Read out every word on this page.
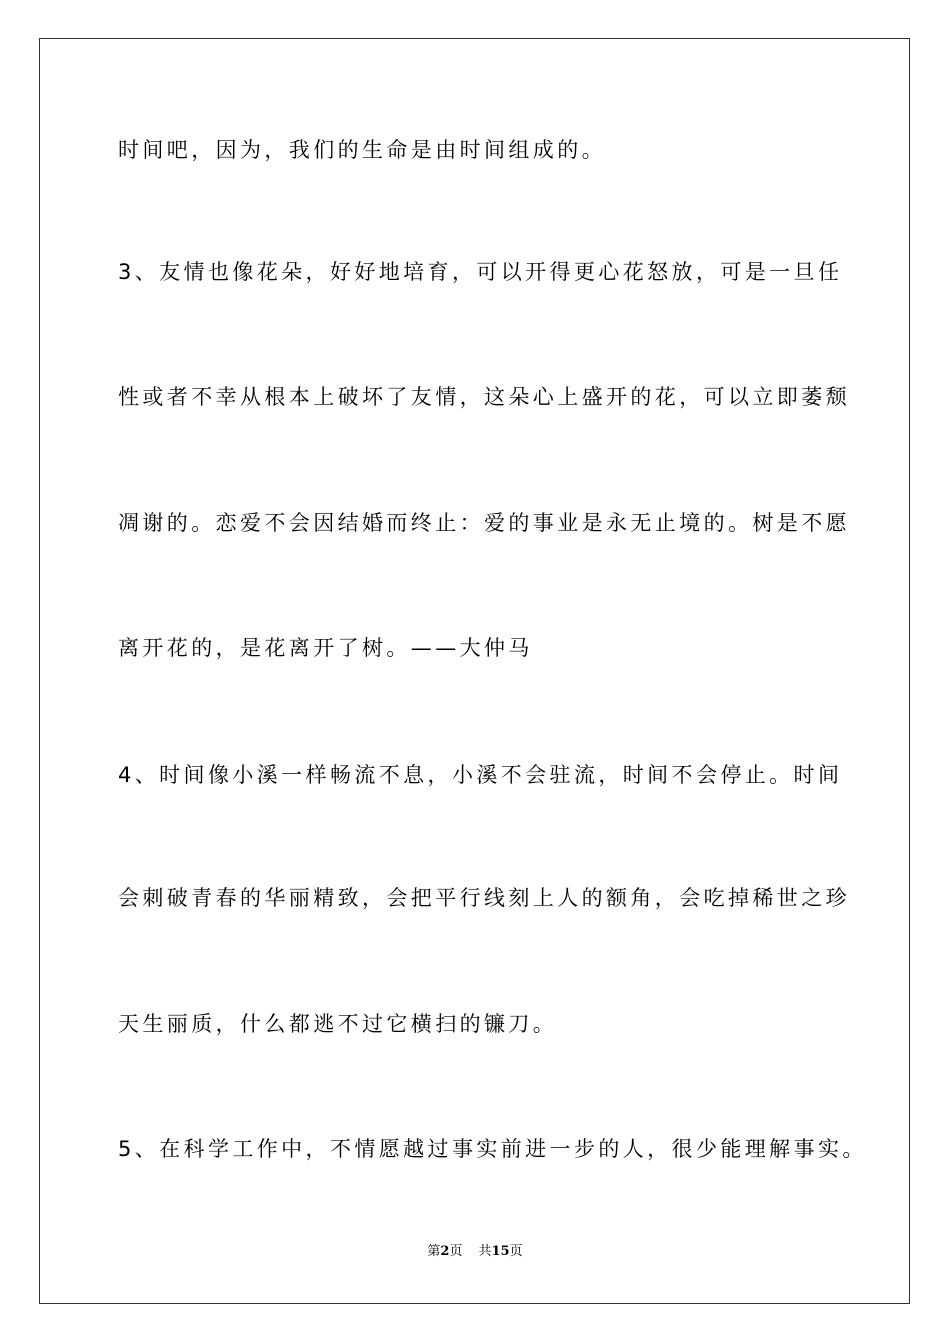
时间吧，因为，我们的生命是由时间组成的。
3、友情也像花朵，好好地培育，可以开得更心花怒放，可是一旦任
性或者不幸从根本上破坏了友情，这朵心上盛开的花，可以立即萎颓
凋谢的。恋爱不会因结婚而终止：爱的事业是永无止境的。树是不愿
离开花的，是花离开了树。——大仲马
4、时间像小溪一样畅流不息，小溪不会驻流，时间不会停止。时间
会刺破青春的华丽精致，会把平行线刻上人的额角，会吃掉稀世之珍
天生丽质，什么都逃不过它横扫的镰刀。
5、在科学工作中，不情愿越过事实前进一步的人，很少能理解事实。
第2页 共15页
